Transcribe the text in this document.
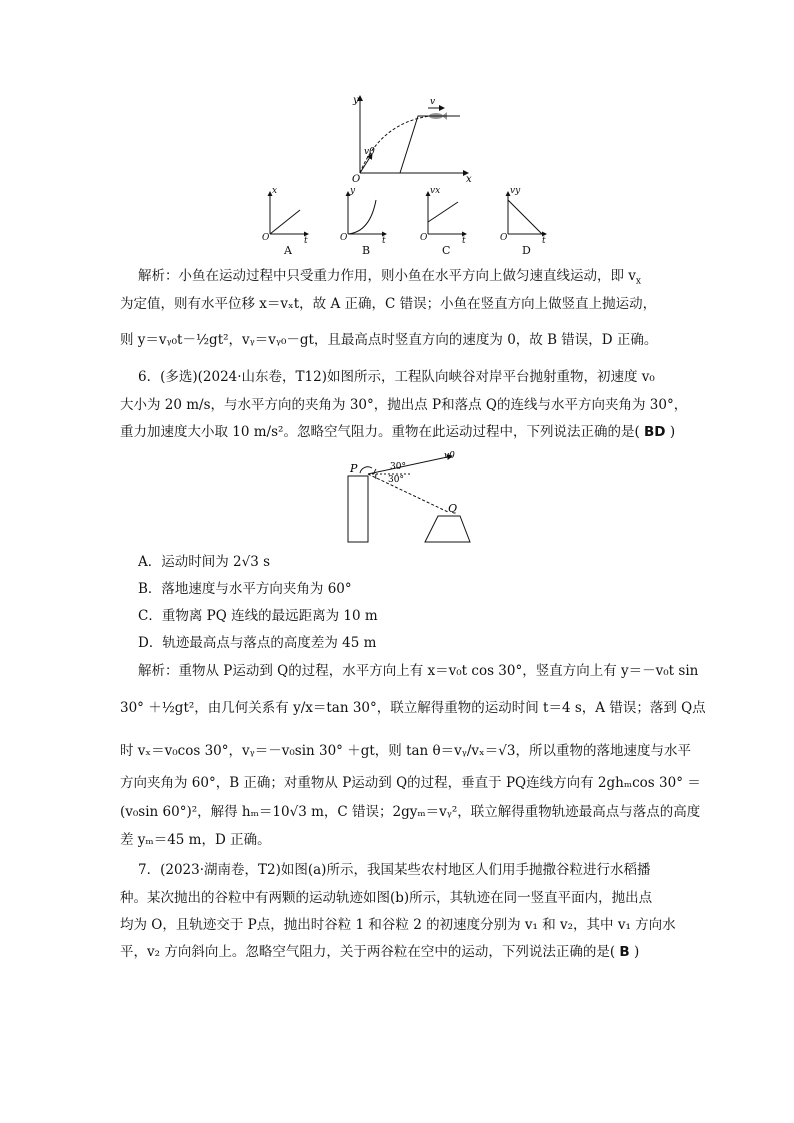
y
x
O
v
v0
x
t
O
A
y
t
O
B
vx
t
O
C
vy
t
O
D
解析：小鱼在运动过程中只受重力作用，则小鱼在水平方向上做匀速直线运动，即 $v_x$
为定值，则有水平位移 x＝vₓt，故 A 正确，C 错误；小鱼在竖直方向上做竖直上抛运动，
则 y＝vᵧ₀t－½gt²，vᵧ＝vᵧ₀－gt，且最高点时竖直方向的速度为 0，故 B 错误，D 正确。
6．(多选)(2024·山东卷，T12)如图所示，工程队向峡谷对岸平台抛射重物，初速度 v₀
大小为 20 m/s，与水平方向的夹角为 30°，抛出点 P和落点 Q的连线与水平方向夹角为 30°，
重力加速度大小取 10 m/s²。忽略空气阻力。重物在此运动过程中，下列说法正确的是( BD )
P
Q
v0
30°
30°
A．运动时间为 2√3 s
B．落地速度与水平方向夹角为 60°
C．重物离 PQ 连线的最远距离为 10 m
D．轨迹最高点与落点的高度差为 45 m
解析：重物从 P运动到 Q的过程，水平方向上有 x＝v₀t cos 30°，竖直方向上有 y＝－v₀t sin
30° ＋½gt²，由几何关系有 y/x＝tan 30°，联立解得重物的运动时间 t＝4 s，A 错误；落到 Q点
时 vₓ＝v₀cos 30°，vᵧ＝－v₀sin 30° ＋gt，则 tan θ＝vᵧ/vₓ＝√3，所以重物的落地速度与水平
方向夹角为 60°，B 正确；对重物从 P运动到 Q的过程，垂直于 PQ连线方向有 2ghₘcos 30° ＝
(v₀sin 60°)²，解得 hₘ＝10√3 m，C 错误；2gyₘ＝vᵧ²，联立解得重物轨迹最高点与落点的高度
差 yₘ＝45 m，D 正确。
7．(2023·湖南卷，T2)如图(a)所示，我国某些农村地区人们用手抛撒谷粒进行水稻播
种。某次抛出的谷粒中有两颗的运动轨迹如图(b)所示，其轨迹在同一竖直平面内，抛出点
均为 O，且轨迹交于 P点，抛出时谷粒 1 和谷粒 2 的初速度分别为 v₁ 和 v₂，其中 v₁ 方向水
平，v₂ 方向斜向上。忽略空气阻力，关于两谷粒在空中的运动，下列说法正确的是( B )
